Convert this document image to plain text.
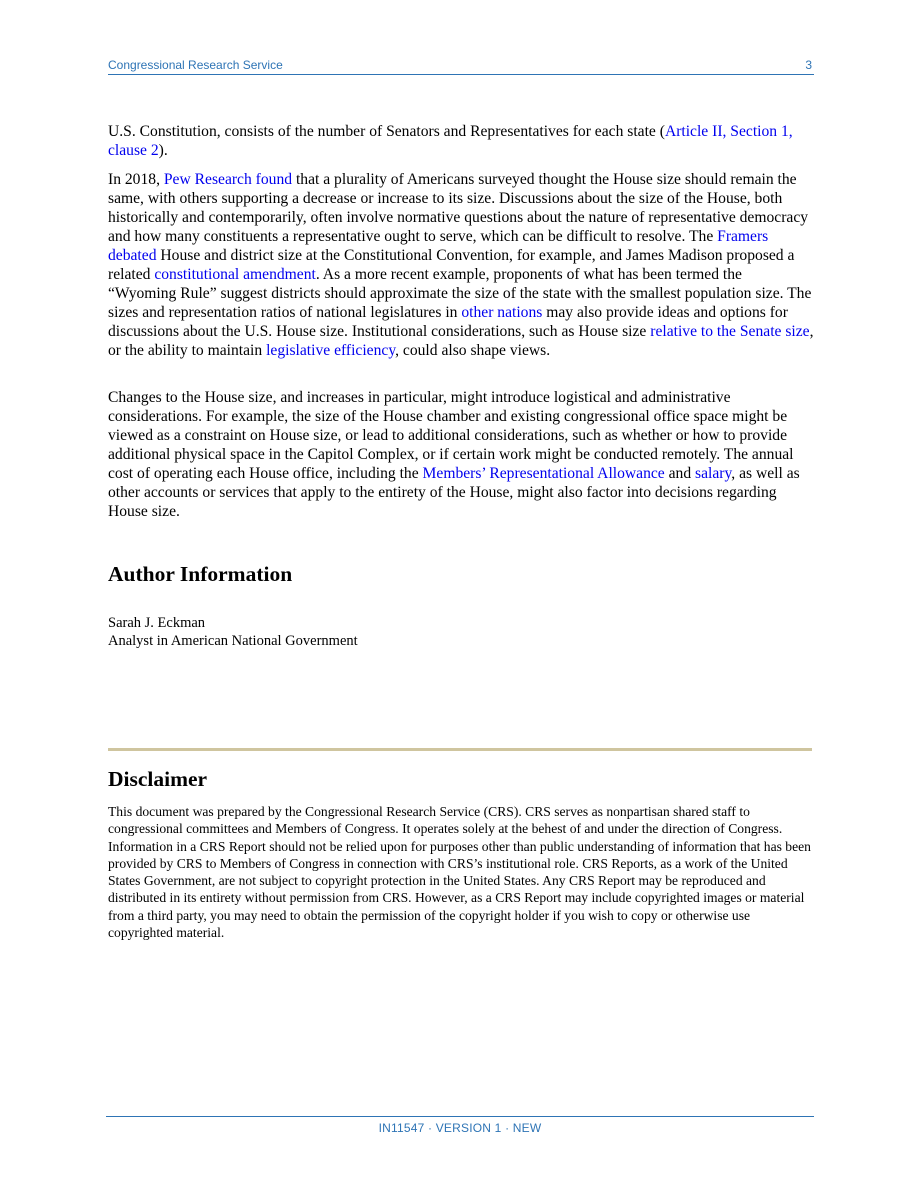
Congressional Research Service	3

U.S. Constitution, consists of the number of Senators and Representatives for each state (Article II, Section 1, clause 2).

In 2018, Pew Research found that a plurality of Americans surveyed thought the House size should remain the same, with others supporting a decrease or increase to its size. Discussions about the size of the House, both historically and contemporarily, often involve normative questions about the nature of representative democracy and how many constituents a representative ought to serve, which can be difficult to resolve. The Framers debated House and district size at the Constitutional Convention, for example, and James Madison proposed a related constitutional amendment. As a more recent example, proponents of what has been termed the “Wyoming Rule” suggest districts should approximate the size of the state with the smallest population size. The sizes and representation ratios of national legislatures in other nations may also provide ideas and options for discussions about the U.S. House size. Institutional considerations, such as House size relative to the Senate size, or the ability to maintain legislative efficiency, could also shape views.

Changes to the House size, and increases in particular, might introduce logistical and administrative considerations. For example, the size of the House chamber and existing congressional office space might be viewed as a constraint on House size, or lead to additional considerations, such as whether or how to provide additional physical space in the Capitol Complex, or if certain work might be conducted remotely. The annual cost of operating each House office, including the Members’ Representational Allowance and salary, as well as other accounts or services that apply to the entirety of the House, might also factor into decisions regarding House size.

Author Information
Sarah J. Eckman
Analyst in American National Government
Disclaimer

This document was prepared by the Congressional Research Service (CRS). CRS serves as nonpartisan shared staff to congressional committees and Members of Congress. It operates solely at the behest of and under the direction of Congress. Information in a CRS Report should not be relied upon for purposes other than public understanding of information that has been provided by CRS to Members of Congress in connection with CRS’s institutional role. CRS Reports, as a work of the United States Government, are not subject to copyright protection in the United States. Any CRS Report may be reproduced and distributed in its entirety without permission from CRS. However, as a CRS Report may include copyrighted images or material from a third party, you may need to obtain the permission of the copyright holder if you wish to copy or otherwise use copyrighted material.

IN11547 · VERSION 1 · NEW
